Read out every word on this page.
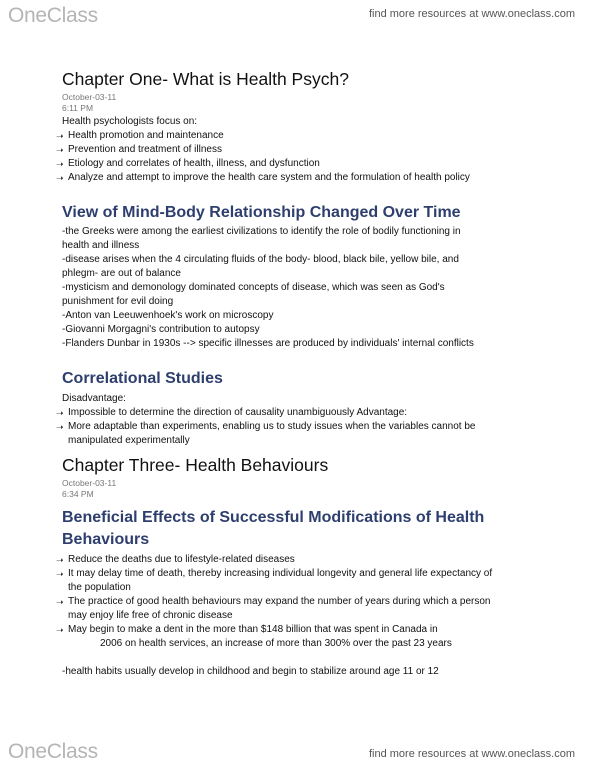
OneClass	find more resources at www.oneclass.com
Chapter One- What is Health Psych?
October-03-11
6:11 PM
Health psychologists focus on:
➝ Health promotion and maintenance
➝ Prevention and treatment of illness
➝ Etiology and correlates of health, illness, and dysfunction
➝ Analyze and attempt to improve the health care system and the formulation of health policy
View of Mind-Body Relationship Changed Over Time
-the Greeks were among the earliest civilizations to identify the role of bodily functioning in
health and illness
-disease arises when the 4 circulating fluids of the body- blood, black bile, yellow bile, and
phlegm- are out of balance
-mysticism and demonology dominated concepts of disease, which was seen as God's
punishment for evil doing
-Anton van Leeuwenhoek's work on microscopy
-Giovanni Morgagni's contribution to autopsy
-Flanders Dunbar in 1930s --> specific illnesses are produced by individuals' internal conflicts
Correlational Studies
Disadvantage:
➝ Impossible to determine the direction of causality unambiguously Advantage:
➝ More adaptable than experiments, enabling us to study issues when the variables cannot be
manipulated experimentally
Chapter Three- Health Behaviours
October-03-11
6:34 PM
Beneficial Effects of Successful Modifications of Health
Behaviours
➝ Reduce the deaths due to lifestyle-related diseases
➝ It may delay time of death, thereby increasing individual longevity and general life expectancy of
the population
➝ The practice of good health behaviours may expand the number of years during which a person
may enjoy life free of chronic disease
➝ May begin to make a dent in the more than $148 billion that was spent in Canada in
2006 on health services, an increase of more than 300% over the past 23 years
-health habits usually develop in childhood and begin to stabilize around age 11 or 12
OneClass	find more resources at www.oneclass.com
